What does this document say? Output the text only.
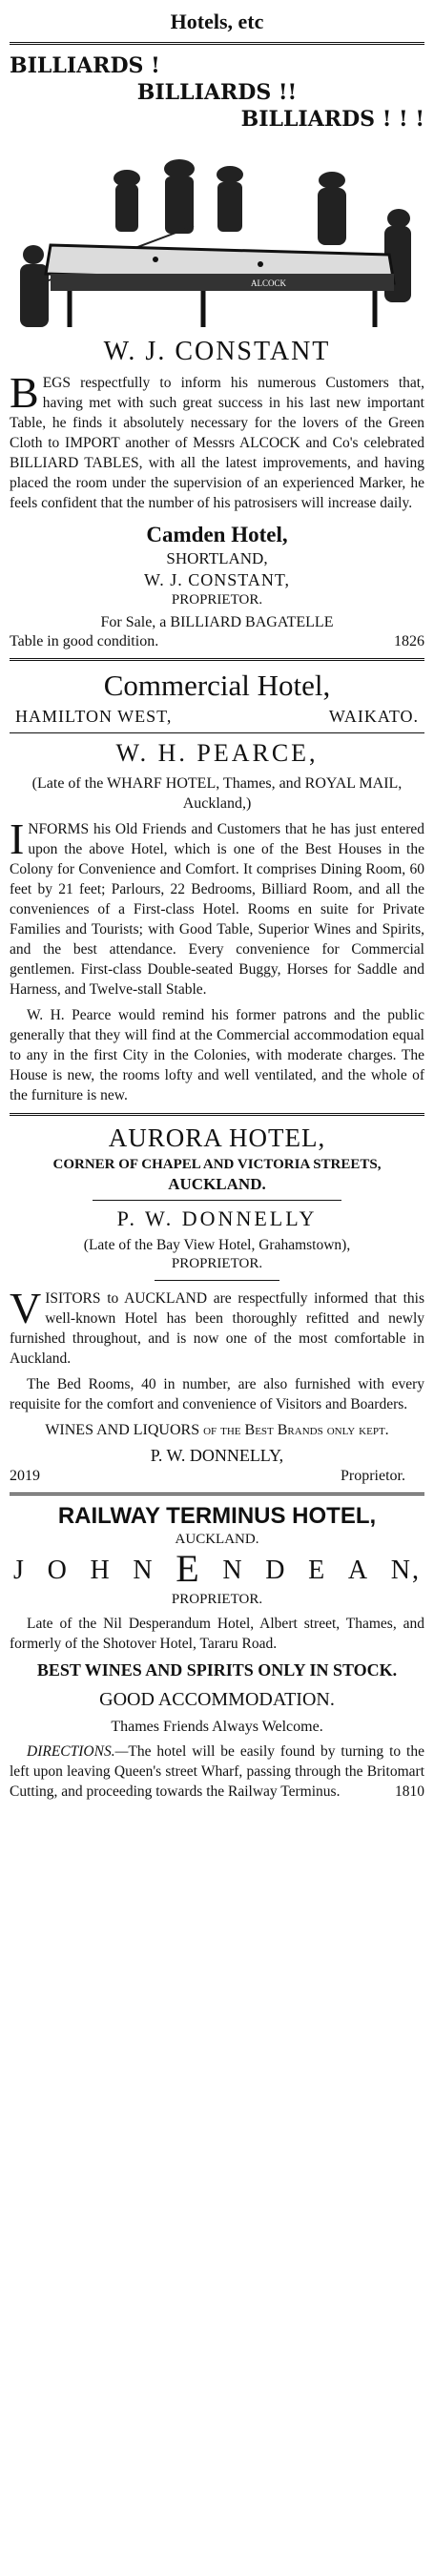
Hotels, etc
BILLIARDS !
BILLIARDS !!
BILLIARDS ! ! !
ALCOCK
W. J. CONSTANT

BEGS respectfully to inform his numerous Customers that, having met with such great success in his last new important Table, he finds it absolutely necessary for the lovers of the Green Cloth to IMPORT another of Messrs ALCOCK and Co's celebrated BILLIARD TABLES, with all the latest improvements, and having placed the room under the supervision of an experienced Marker, he feels confident that the number of his patrosisers will increase daily.

Camden Hotel,
SHORTLAND,
W. J. CONSTANT,
PROPRIETOR.
For Sale, a BILLIARD BAGATELLE
Table in good condition.	1826
Commercial Hotel,
HAMILTON WEST,	WAIKATO.
W. H. PEARCE,
(Late of the WHARF HOTEL, Thames, and ROYAL MAIL, Auckland,)

INFORMS his Old Friends and Customers that he has just entered upon the above Hotel, which is one of the Best Houses in the Colony for Convenience and Comfort. It comprises Dining Room, 60 feet by 21 feet; Parlours, 22 Bedrooms, Billiard Room, and all the conveniences of a First-class Hotel. Rooms en suite for Private Families and Tourists; with Good Table, Superior Wines and Spirits, and the best attendance. Every convenience for Commercial gentlemen. First-class Double-seated Buggy, Horses for Saddle and Harness, and Twelve-stall Stable.

W. H. Pearce would remind his former patrons and the public generally that they will find at the Commercial accommodation equal to any in the first City in the Colonies, with moderate charges. The House is new, the rooms lofty and well ventilated, and the whole of the furniture is new.

AURORA HOTEL,
CORNER OF CHAPEL AND VICTORIA STREETS,
AUCKLAND.
P. W. DONNELLY
(Late of the Bay View Hotel, Grahamstown),
PROPRIETOR.

VISITORS to AUCKLAND are respectfully informed that this well-known Hotel has been thoroughly refitted and newly furnished throughout, and is now one of the most comfortable in Auckland.

The Bed Rooms, 40 in number, are also furnished with every requisite for the comfort and convenience of Visitors and Boarders.

WINES AND LIQUORS of the Best Brands only kept.
P. W. DONNELLY,
2019	Proprietor.
RAILWAY TERMINUS HOTEL,
AUCKLAND.
J O H N E N D E A N,
PROPRIETOR.

Late of the Nil Desperandum Hotel, Albert street, Thames, and formerly of the Shotover Hotel, Tararu Road.

BEST WINES AND SPIRITS ONLY IN STOCK.
GOOD ACCOMMODATION.
Thames Friends Always Welcome.

DIRECTIONS.—The hotel will be easily found by turning to the left upon leaving Queen's street Wharf, passing through the Britomart Cutting, and proceeding towards the Railway Terminus.	1810
